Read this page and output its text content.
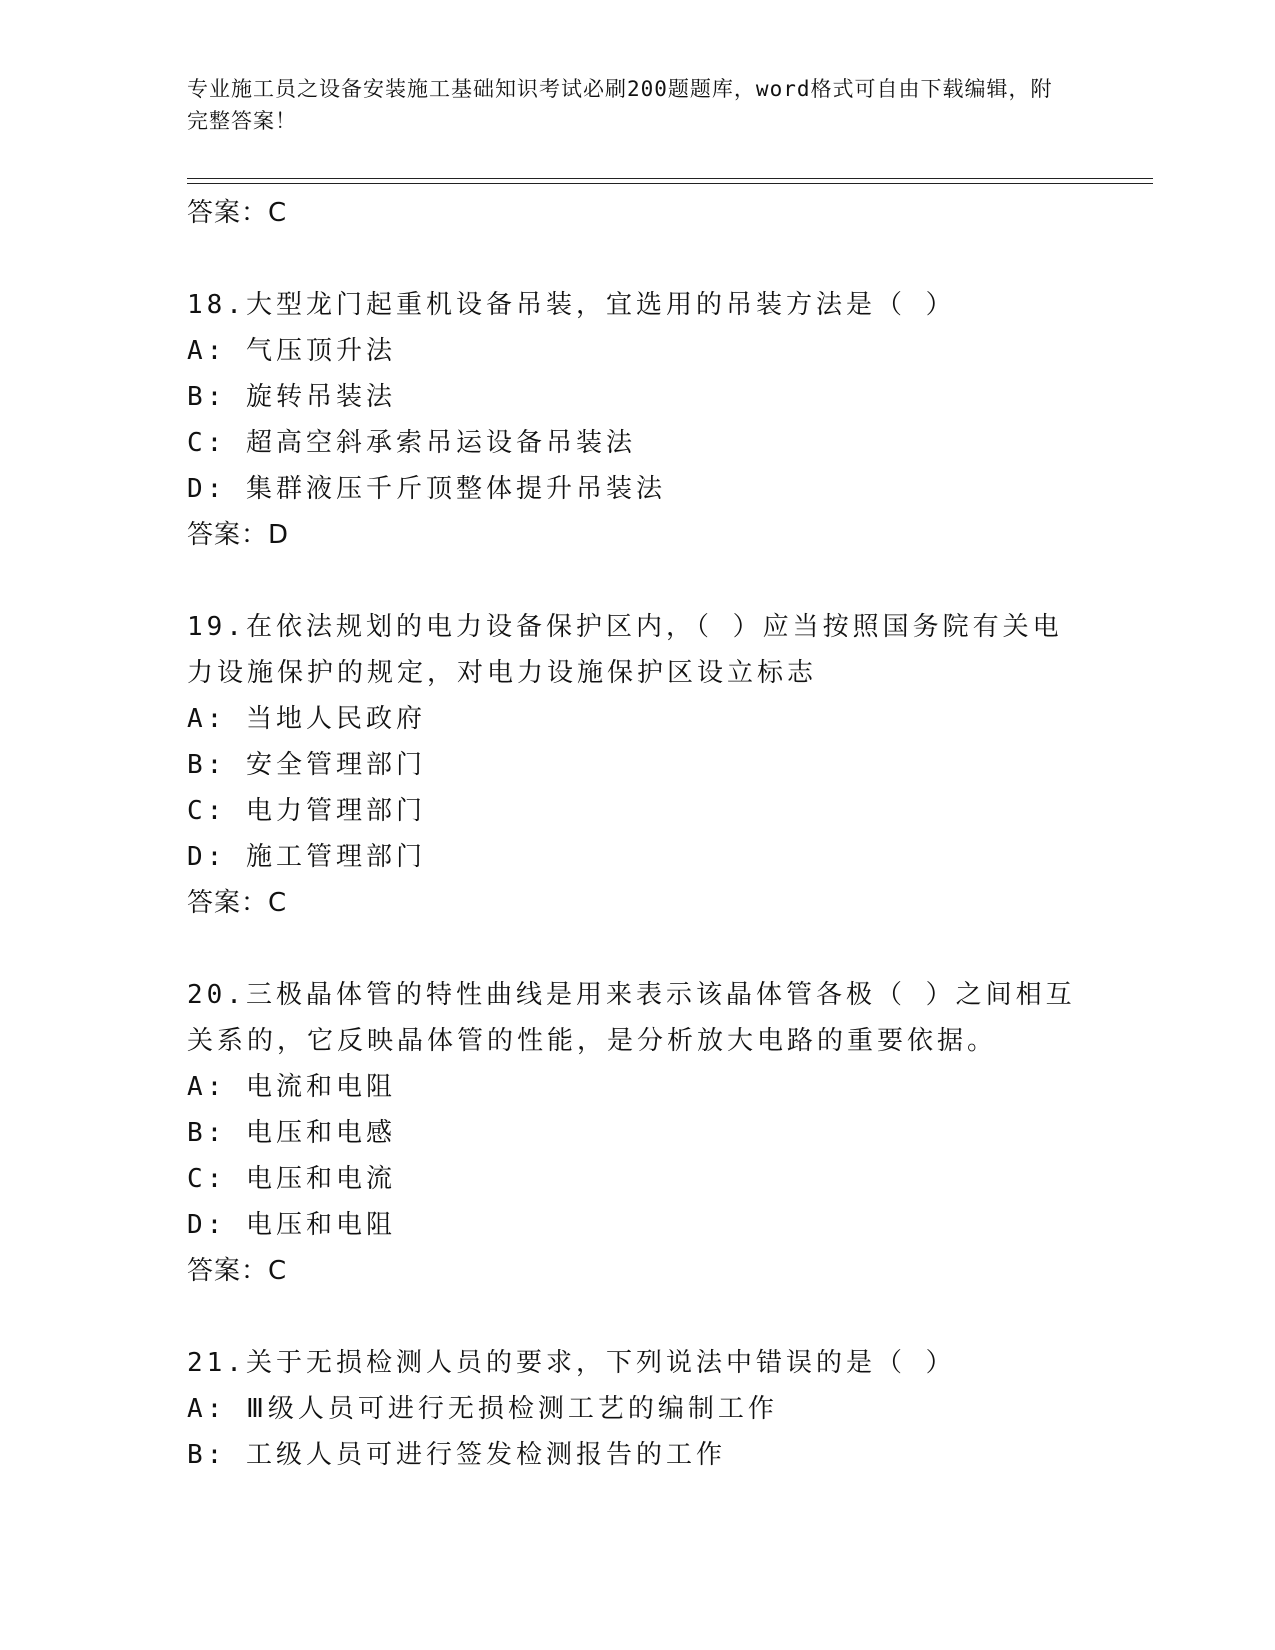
专业施工员之设备安装施工基础知识考试必刷200题题库，word格式可自由下载编辑，附完整答案！

答案：C

18.大型龙门起重机设备吊装，宜选用的吊装方法是（ ）

A: 气压顶升法

B: 旋转吊装法

C: 超高空斜承索吊运设备吊装法

D: 集群液压千斤顶整体提升吊装法

答案：D

19.在依法规划的电力设备保护区内，（ ）应当按照国务院有关电力设施保护的规定，对电力设施保护区设立标志

A: 当地人民政府

B: 安全管理部门

C: 电力管理部门

D: 施工管理部门

答案：C

20.三极晶体管的特性曲线是用来表示该晶体管各极（ ）之间相互关系的，它反映晶体管的性能，是分析放大电路的重要依据。

A: 电流和电阻

B: 电压和电感

C: 电压和电流

D: 电压和电阻

答案：C

21.关于无损检测人员的要求，下列说法中错误的是（ ）

A: Ⅲ级人员可进行无损检测工艺的编制工作

B: 工级人员可进行签发检测报告的工作
